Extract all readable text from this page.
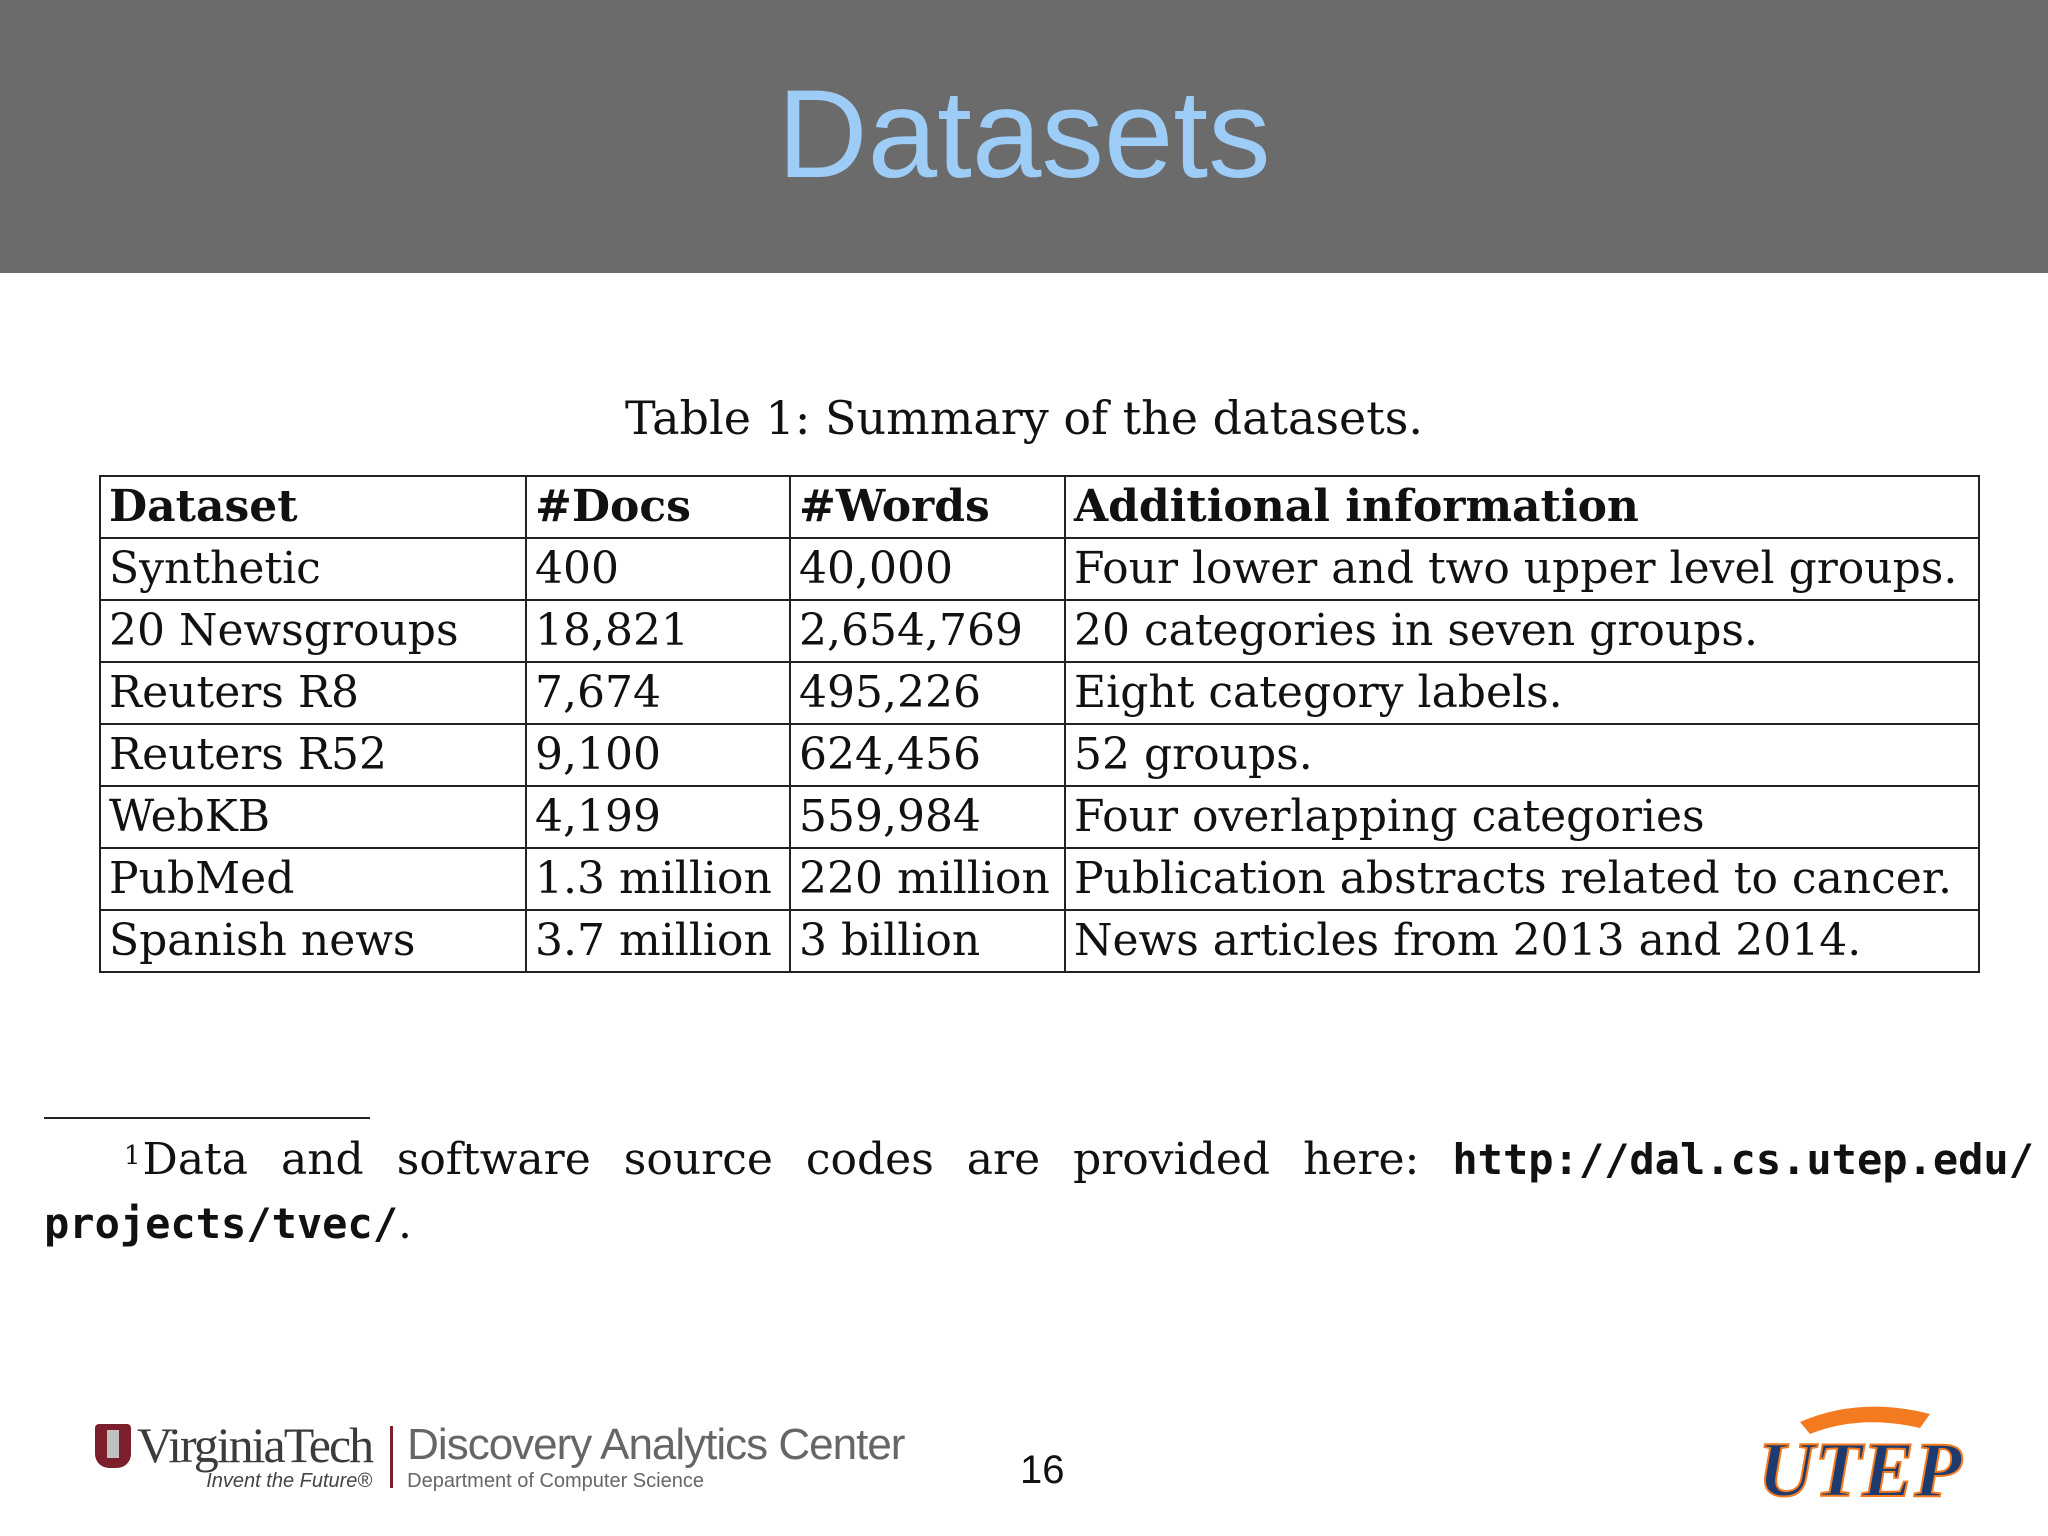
Datasets
Table 1: Summary of the datasets.
Dataset	#Docs	#Words	Additional information
Synthetic	400	40,000	Four lower and two upper level groups.
20 Newsgroups	18,821	2,654,769	20 categories in seven groups.
Reuters R8	7,674	495,226	Eight category labels.
Reuters R52	9,100	624,456	52 groups.
WebKB	4,199	559,984	Four overlapping categories
PubMed	1.3 million	220 million	Publication abstracts related to cancer.
Spanish news	3.7 million	3 billion	News articles from 2013 and 2014.
$^1$Data and software source codes are provided here: http://dal.cs.utep.edu/
projects/tvec/.
VirginiaTech
Invent the Future®
Discovery Analytics Center
Department of Computer Science	16	UTEP
